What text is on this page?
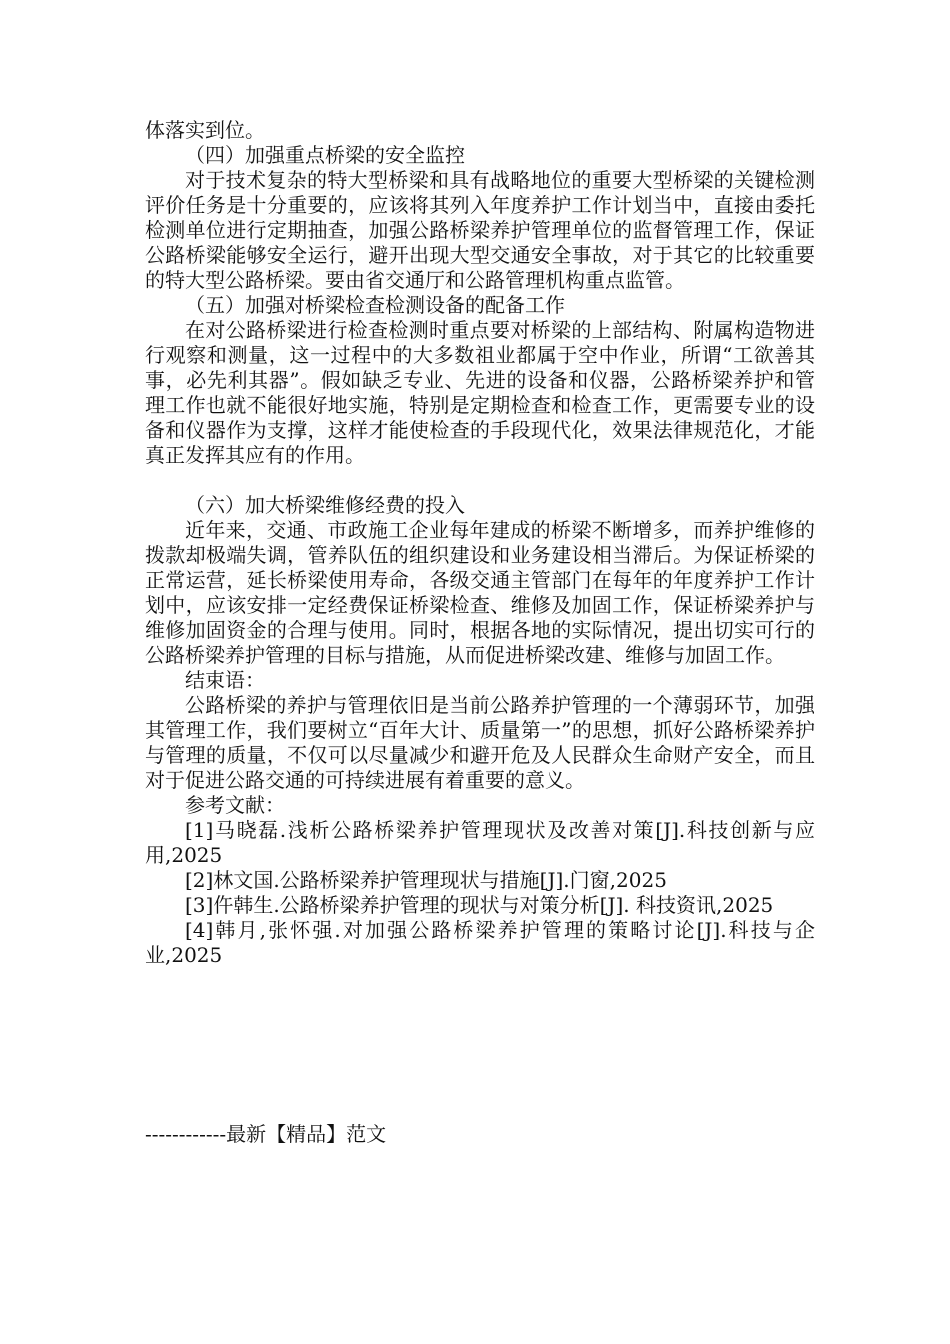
体落实到位。

（四）加强重点桥梁的安全监控

对于技术复杂的特大型桥梁和具有战略地位的重要大型桥梁的关键检测评价任务是十分重要的，应该将其列入年度养护工作计划当中，直接由委托检测单位进行定期抽查，加强公路桥梁养护管理单位的监督管理工作，保证公路桥梁能够安全运行，避开出现大型交通安全事故，对于其它的比较重要的特大型公路桥梁。要由省交通厅和公路管理机构重点监管。

（五）加强对桥梁检查检测设备的配备工作

在对公路桥梁进行检查检测时重点要对桥梁的上部结构、附属构造物进行观察和测量，这一过程中的大多数祖业都属于空中作业，所谓“工欲善其事，必先利其器”。假如缺乏专业、先进的设备和仪器，公路桥梁养护和管理工作也就不能很好地实施，特别是定期检查和检查工作，更需要专业的设备和仪器作为支撑，这样才能使检查的手段现代化，效果法律规范化，才能真正发挥其应有的作用。

（六）加大桥梁维修经费的投入

近年来，交通、市政施工企业每年建成的桥梁不断增多，而养护维修的拨款却极端失调，管养队伍的组织建设和业务建设相当滞后。为保证桥梁的正常运营，延长桥梁使用寿命，各级交通主管部门在每年的年度养护工作计划中，应该安排一定经费保证桥梁检查、维修及加固工作，保证桥梁养护与维修加固资金的合理与使用。同时，根据各地的实际情况，提出切实可行的公路桥梁养护管理的目标与措施，从而促进桥梁改建、维修与加固工作。

结束语：

公路桥梁的养护与管理依旧是当前公路养护管理的一个薄弱环节，加强其管理工作，我们要树立“百年大计、质量第一”的思想，抓好公路桥梁养护与管理的质量，不仅可以尽量减少和避开危及人民群众生命财产安全，而且对于促进公路交通的可持续进展有着重要的意义。

参考文献：

[1]马晓磊.浅析公路桥梁养护管理现状及改善对策[J].科技创新与应用,2025

[2]林文国.公路桥梁养护管理现状与措施[J].门窗,2025

[3]仵韩生.公路桥梁养护管理的现状与对策分析[J]. 科技资讯,2025

[4]韩月,张怀强.对加强公路桥梁养护管理的策略讨论[J].科技与企业,2025

------------最新【精品】范文
